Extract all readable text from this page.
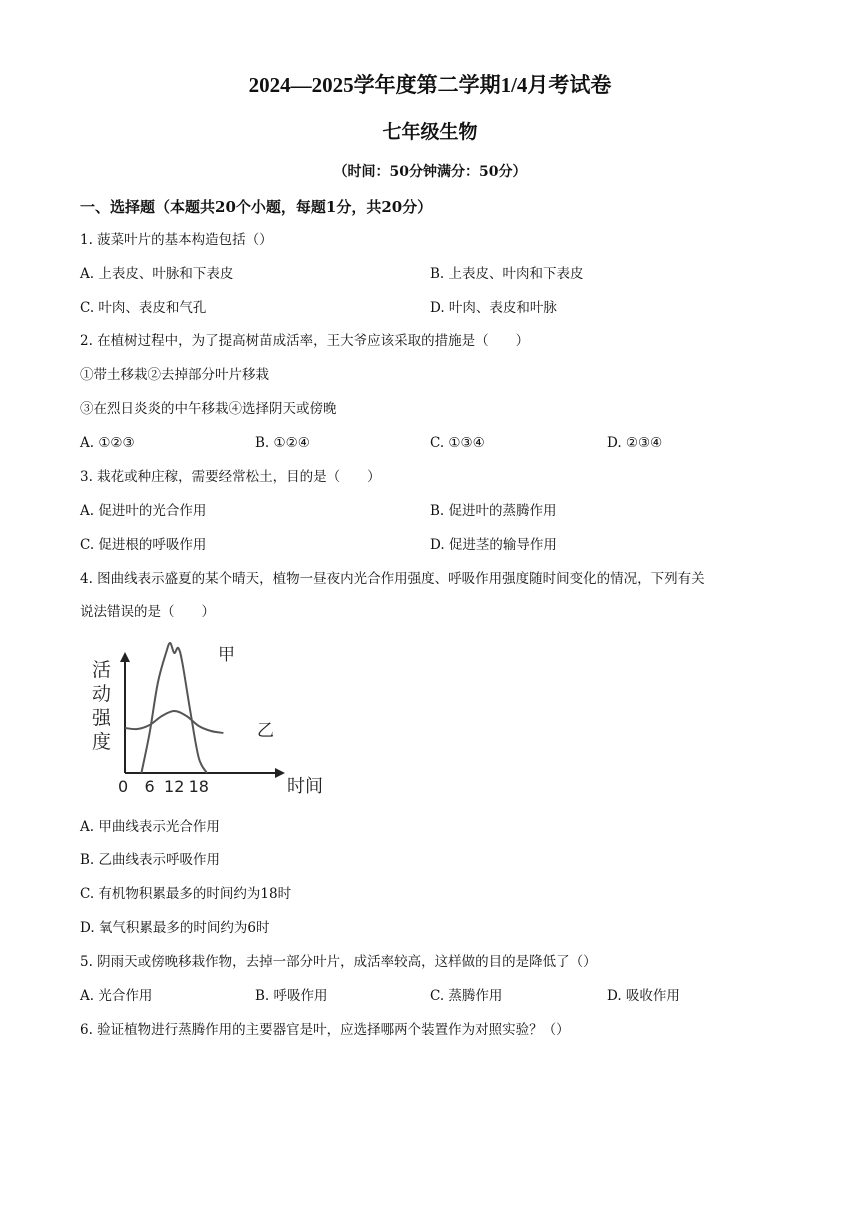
2024—2025学年度第二学期1/4月考试卷
七年级生物
（时间：50分钟满分：50分）
一、选择题（本题共20个小题，每题1分，共20分）
1. 菠菜叶片的基本构造包括（）
A. 上表皮、叶脉和下表皮	B. 上表皮、叶肉和下表皮
C. 叶肉、表皮和气孔	D. 叶肉、表皮和叶脉
2. 在植树过程中，为了提高树苗成活率，王大爷应该采取的措施是（　　）
①带土移栽②去掉部分叶片移栽
③在烈日炎炎的中午移栽④选择阴天或傍晚
A. ①②③	B. ①②④	C. ①③④	D. ②③④
3. 栽花或种庄稼，需要经常松土，目的是（　　）
A. 促进叶的光合作用	B. 促进叶的蒸腾作用
C. 促进根的呼吸作用	D. 促进茎的输导作用
4. 图曲线表示盛夏的某个晴天，植物一昼夜内光合作用强度、呼吸作用强度随时间变化的情况，下列有关
说法错误的是（　　）
活
动
强
度
0 6 12 18	时间
甲
乙
A. 甲曲线表示光合作用
B. 乙曲线表示呼吸作用
C. 有机物积累最多的时间约为18时
D. 氧气积累最多的时间约为6时
5. 阴雨天或傍晚移栽作物，去掉一部分叶片，成活率较高，这样做的目的是降低了（）
A. 光合作用	B. 呼吸作用	C. 蒸腾作用	D. 吸收作用
6. 验证植物进行蒸腾作用的主要器官是叶，应选择哪两个装置作为对照实验？（）
